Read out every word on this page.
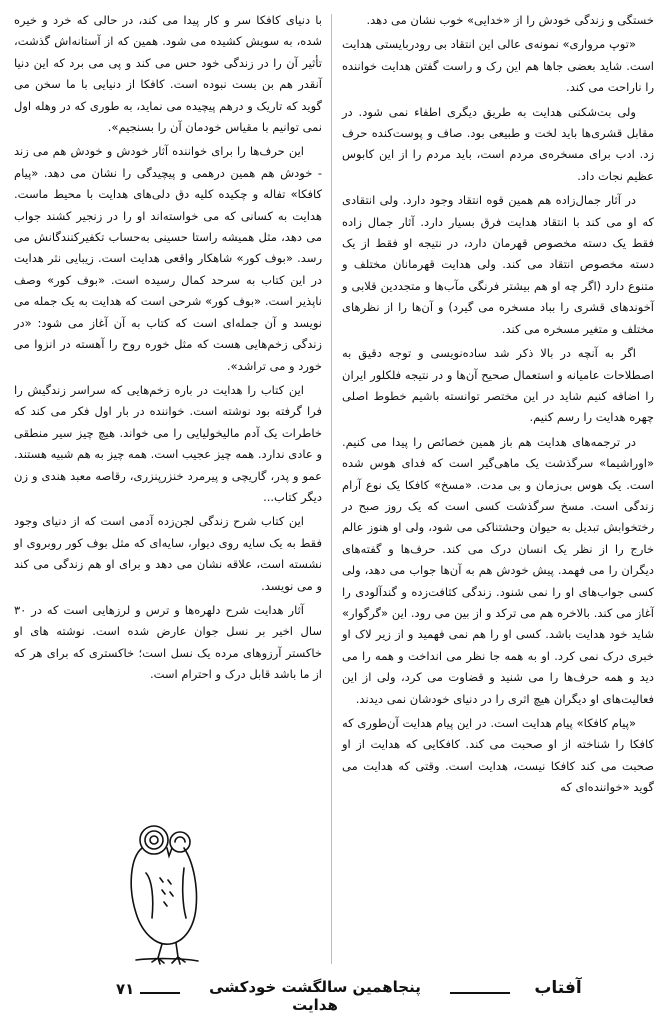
خستگی و زندگی خودش را از «خدایی» خوب نشان می دهد.

«توپ مرواری» نمونه‌ی عالی این انتقاد بی رودربایستی هدایت است. شاید بعضی جاها هم این رک و راست گفتن هدایت خواننده را ناراحت می کند.

ولی بت‌شکنی هدایت به طریق دیگری اطفاء نمی شود. در مقابل قشری‌ها باید لخت و طبیعی بود. صاف و پوست‌کنده حرف زد. ادب برای مسخره‌ی مردم است، باید مردم را از این کابوس عظیم نجات داد.

در آثار جمال‌زاده هم همین قوه انتقاد وجود دارد. ولی انتقادی که او می کند با انتقاد هدایت فرق بسیار دارد. آثار جمال زاده فقط یک دسته مخصوص قهرمان دارد، در نتیجه او فقط از یک دسته مخصوص انتقاد می کند. ولی هدایت قهرمانان مختلف و متنوع دارد (اگر چه او هم بیشتر فرنگی مآب‌ها و متجددین قلابی و آخوندهای قشری را بباد مسخره می گیرد) و آن‌ها را از نظرهای مختلف و متغیر مسخره می کند.

اگر به آنچه در بالا ذکر شد ساده‌نویسی و توجه دقیق به اصطلاحات عامیانه و استعمال صحیح آن‌ها و در نتیجه فلکلور ایران را اضافه کنیم شاید در این مختصر توانسته باشیم خطوط اصلی چهره هدایت را رسم کنیم.

در ترجمه‌های هدایت هم باز همین خصائص را پیدا می کنیم. «اوراشیما» سرگذشت یک ماهی‌گیر است که فدای هوس شده است. یک هوس بی‌زمان و بی مدت. «مسخ» کافکا یک نوع آرام زندگی است. مسخ سرگذشت کسی است که یک روز صبح در رختخوابش تبدیل به حیوان وحشتناکی می شود، ولی او هنوز عالم خارج را از نظر یک انسان درک می کند. حرف‌ها و گفته‌های دیگران را می فهمد. پیش خودش هم به آن‌ها جواب می دهد، ولی کسی جواب‌های او را نمی شنود. زندگی کثافت‌زده و گندآلودی را آغاز می کند. بالاخره هم می ترکد و از بین می رود. این «گرگوار» شاید خود هدایت باشد. کسی او را هم نمی فهمید و از زیر لاک او خبری درک نمی کرد. او به همه جا نظر می انداخت و همه را می دید و همه حرف‌ها را می شنید و قضاوت می کرد، ولی از این فعالیت‌های او دیگران هیچ اثری را در دنیای خودشان نمی دیدند.

«پیام کافکا» پیام هدایت است. در این پیام هدایت آن‌طوری که کافکا را شناخته از او صحبت می کند. کافکایی که هدایت از او صحبت می کند کافکا نیست، هدایت است. وقتی که هدایت می گوید «خواننده‌ای که

با دنیای کافکا سر و کار پیدا می کند، در حالی که خرد و خیره شده، به سویش کشیده می شود. همین که از آستانه‌اش گذشت، تأثیر آن را در زندگی خود حس می کند و پی می برد که این دنیا آنقدر هم بن بست نبوده است. کافکا از دنیایی با ما سخن می گوید که تاریک و درهم پیچیده می نماید، به طوری که در وهله اول نمی توانیم با مقیاس خودمان آن را بسنجیم».

این حرف‌ها را برای خواننده آثار خودش و خودش هم می زند - خودش هم همین درهمی و پیچیدگی را نشان می دهد. «پیام کافکا» تفاله و چکیده کلیه دق دلی‌های هدایت با محیط ماست. هدایت به کسانی که می خواسته‌اند او را در زنجیر کشند جواب می دهد، مثل همیشه راستا حسینی به‌حساب تکفیرکنندگانش می رسد. «بوف کور» شاهکار واقعی هدایت است. زیبایی نثر هدایت در این کتاب به سرحد کمال رسیده است. «بوف کور» وصف ناپذیر است. «بوف کور» شرحی است که هدایت به یک جمله می نویسد و آن جمله‌ای است که کتاب به آن آغاز می شود: «در زندگی زخم‌هایی هست که مثل خوره روح را آهسته در انزوا می خورد و می تراشد».

این کتاب را هدایت در باره زخم‌هایی که سراسر زندگیش را فرا گرفته بود نوشته است. خواننده در بار اول فکر می کند که خاطرات یک آدم مالیخولیایی را می خواند. هیچ چیز سیر منطقی و عادی ندارد. همه چیز عجیب است. همه چیز به هم شبیه هستند. عمو و پدر، گاریچی و پیرمرد خنزرپنزری، رقاصه معبد هندی و زن دیگر کتاب...

این کتاب شرح زندگی لجن‌زده آدمی است که از دنیای وجود فقط به یک سایه روی دیوار، سایه‌ای که مثل بوف کور روبروی او نشسته است، علاقه نشان می دهد و برای او هم زندگی می کند و می نویسد.

آثار هدایت شرح دلهره‌ها و ترس و لرزهایی است که در ۳۰ سال اخیر بر نسل جوان عارض شده است. نوشته های او خاکستر آرزوهای مرده یک نسل است؛ خاکستری که برای هر که از ما باشد قابل درک و احترام است.

۷۱	پنجاهمین سالگشت خودکشی هدایت
آفتاب
